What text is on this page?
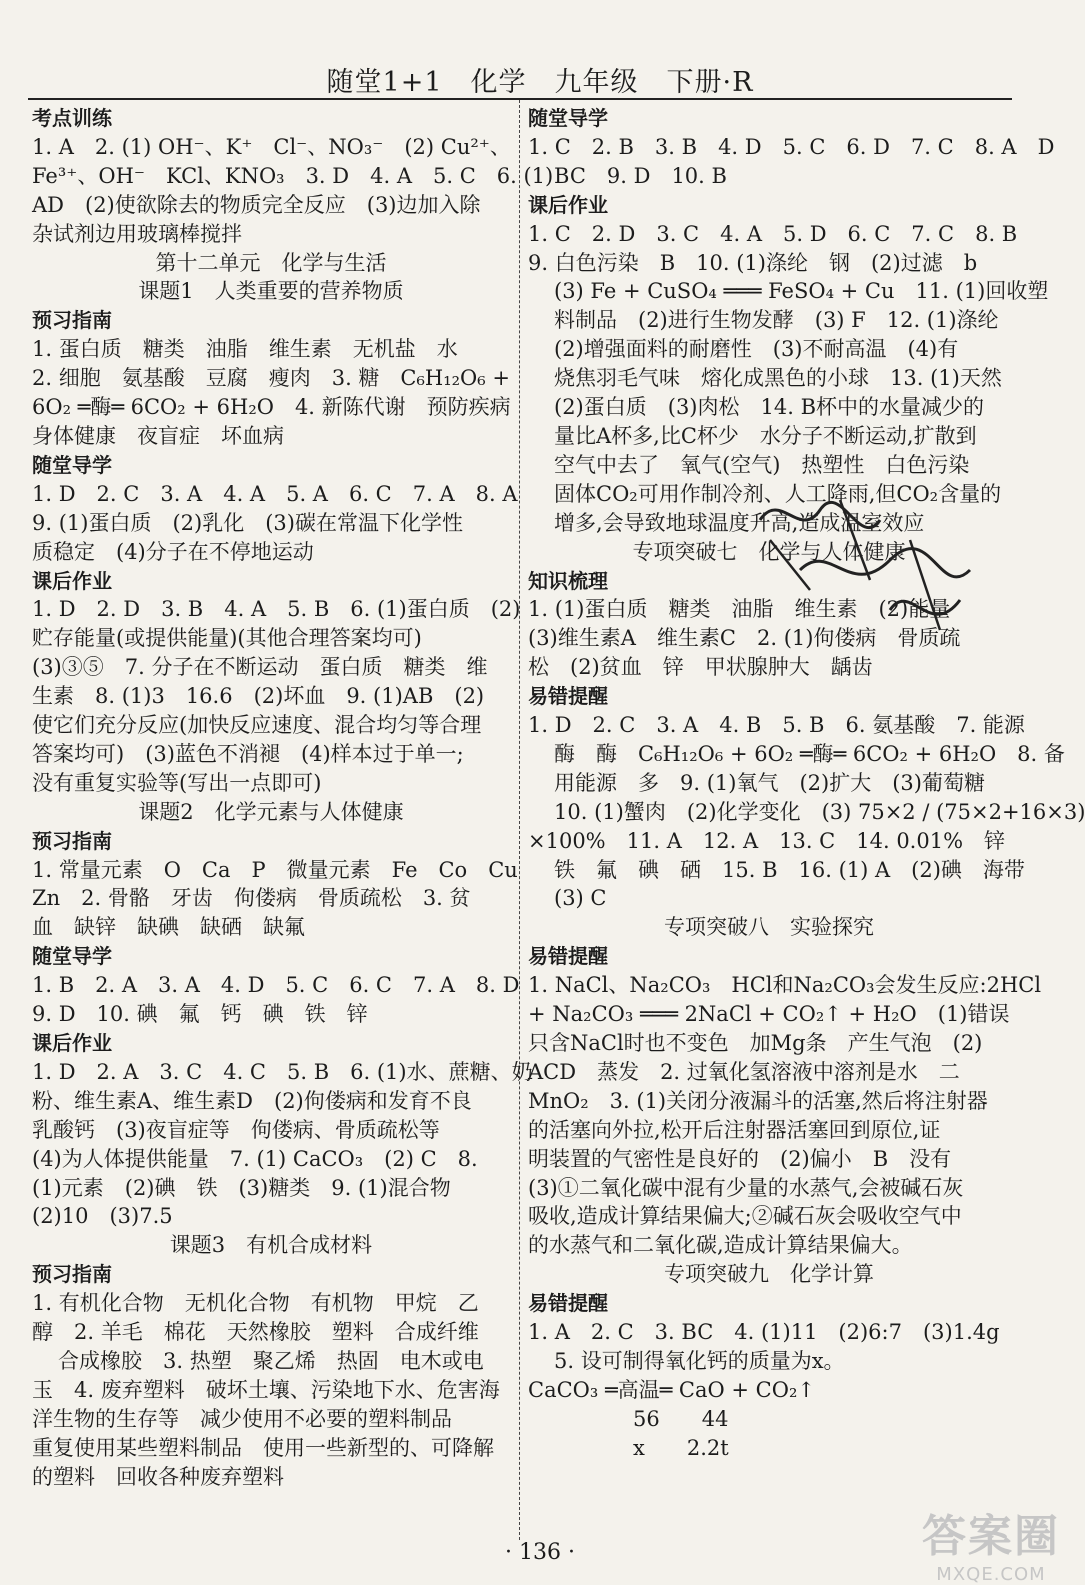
随堂1+1　化学　九年级　下册·R
考点训练
1. A　2. (1) OH⁻、K⁺　Cl⁻、NO₃⁻　(2) Cu²⁺、
Fe³⁺、OH⁻　KCl、KNO₃　3. D　4. A　5. C　6. (1)
AD　(2)使欲除去的物质完全反应　(3)边加入除
杂试剂边用玻璃棒搅拌
第十二单元　化学与生活
课题1　人类重要的营养物质
预习指南
1. 蛋白质　糖类　油脂　维生素　无机盐　水
2. 细胞　氨基酸　豆腐　瘦肉　3. 糖　C₆H₁₂O₆ +
6O₂ ═酶═ 6CO₂ + 6H₂O　4. 新陈代谢　预防疾病
身体健康　夜盲症　坏血病
随堂导学
1. D　2. C　3. A　4. A　5. A　6. C　7. A　8. A
9. (1)蛋白质　(2)乳化　(3)碳在常温下化学性
质稳定　(4)分子在不停地运动
课后作业
1. D　2. D　3. B　4. A　5. B　6. (1)蛋白质　(2)
贮存能量(或提供能量)(其他合理答案均可)
(3)③⑤　7. 分子在不断运动　蛋白质　糖类　维
生素　8. (1)3　16.6　(2)坏血　9. (1)AB　(2)
使它们充分反应(加快反应速度、混合均匀等合理
答案均可)　(3)蓝色不消褪　(4)样本过于单一;
没有重复实验等(写出一点即可)
课题2　化学元素与人体健康
预习指南
1. 常量元素　O　Ca　P　微量元素　Fe　Co　Cu
Zn　2. 骨骼　牙齿　佝偻病　骨质疏松　3. 贫
血　缺锌　缺碘　缺硒　缺氟
随堂导学
1. B　2. A　3. A　4. D　5. C　6. C　7. A　8. D
9. D　10. 碘　氟　钙　碘　铁　锌
课后作业
1. D　2. A　3. C　4. C　5. B　6. (1)水、蔗糖、奶
粉、维生素A、维生素D　(2)佝偻病和发育不良
乳酸钙　(3)夜盲症等　佝偻病、骨质疏松等
(4)为人体提供能量　7. (1) CaCO₃　(2) C　8.
(1)元素　(2)碘　铁　(3)糖类　9. (1)混合物
(2)10　(3)7.5
课题3　有机合成材料
预习指南
1. 有机化合物　无机化合物　有机物　甲烷　乙
醇　2. 羊毛　棉花　天然橡胶　塑料　合成纤维
合成橡胶　3. 热塑　聚乙烯　热固　电木或电
玉　4. 废弃塑料　破坏土壤、污染地下水、危害海
洋生物的生存等　减少使用不必要的塑料制品
重复使用某些塑料制品　使用一些新型的、可降解
的塑料　回收各种废弃塑料
随堂导学
1. C　2. B　3. B　4. D　5. C　6. D　7. C　8. A　D
BC　9. D　10. B
课后作业
1. C　2. D　3. C　4. A　5. D　6. C　7. C　8. B
9. 白色污染　B　10. (1)涤纶　钢　(2)过滤　b
(3) Fe + CuSO₄ ═══ FeSO₄ + Cu　11. (1)回收塑
料制品　(2)进行生物发酵　(3) F　12. (1)涤纶
(2)增强面料的耐磨性　(3)不耐高温　(4)有
烧焦羽毛气味　熔化成黑色的小球　13. (1)天然
(2)蛋白质　(3)肉松　14. B杯中的水量减少的
量比A杯多,比C杯少　水分子不断运动,扩散到
空气中去了　氧气(空气)　热塑性　白色污染
固体CO₂可用作制冷剂、人工降雨,但CO₂含量的
增多,会导致地球温度升高,造成温室效应
专项突破七　化学与人体健康
知识梳理
1. (1)蛋白质　糖类　油脂　维生素　(2)能量
(3)维生素A　维生素C　2. (1)佝偻病　骨质疏
松　(2)贫血　锌　甲状腺肿大　龋齿
易错提醒
1. D　2. C　3. A　4. B　5. B　6. 氨基酸　7. 能源
酶　酶　C₆H₁₂O₆ + 6O₂ ═酶═ 6CO₂ + 6H₂O　8. 备
用能源　多　9. (1)氧气　(2)扩大　(3)葡萄糖
10. (1)蟹肉　(2)化学变化　(3) 75×2 / (75×2+16×3)
×100%　11. A　12. A　13. C　14. 0.01%　锌
铁　氟　碘　硒　15. B　16. (1) A　(2)碘　海带
(3) C
专项突破八　实验探究
易错提醒
1. NaCl、Na₂CO₃　HCl和Na₂CO₃会发生反应:2HCl
+ Na₂CO₃ ═══ 2NaCl + CO₂↑ + H₂O　(1)错误
只含NaCl时也不变色　加Mg条　产生气泡　(2)
ACD　蒸发　2. 过氧化氢溶液中溶剂是水　二
MnO₂　3. (1)关闭分液漏斗的活塞,然后将注射器
的活塞向外拉,松开后注射器活塞回到原位,证
明装置的气密性是良好的　(2)偏小　B　没有
(3)①二氧化碳中混有少量的水蒸气,会被碱石灰
吸收,造成计算结果偏大;②碱石灰会吸收空气中
的水蒸气和二氧化碳,造成计算结果偏大。
专项突破九　化学计算
易错提醒
1. A　2. C　3. BC　4. (1)11　(2)6:7　(3)1.4g
5. 设可制得氧化钙的质量为x。
CaCO₃ ═高温═ CaO + CO₂↑
　　　　　56　　44
　　　　　x　　2.2t
· 136 ·	答案圈
MXQE.COM
